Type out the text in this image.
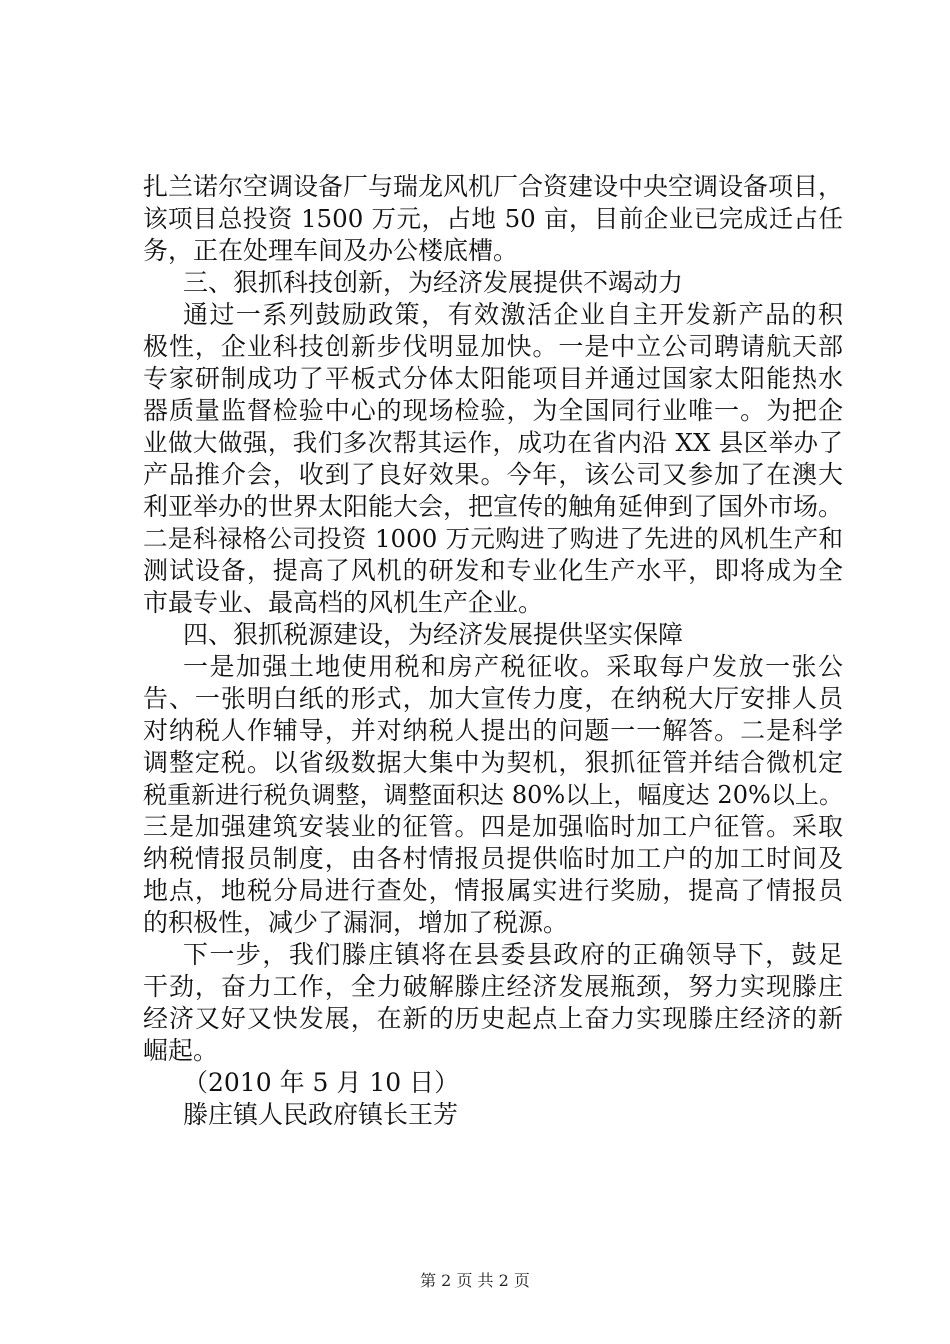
扎兰诺尔空调设备厂与瑞龙风机厂合资建设中央空调设备项目，
该项目总投资 1500 万元，占地 50 亩，目前企业已完成迁占任
务，正在处理车间及办公楼底槽。
三、狠抓科技创新，为经济发展提供不竭动力
通过一系列鼓励政策，有效激活企业自主开发新产品的积
极性，企业科技创新步伐明显加快。一是中立公司聘请航天部
专家研制成功了平板式分体太阳能项目并通过国家太阳能热水
器质量监督检验中心的现场检验，为全国同行业唯一。为把企
业做大做强，我们多次帮其运作，成功在省内沿 XX 县区举办了
产品推介会，收到了良好效果。今年，该公司又参加了在澳大
利亚举办的世界太阳能大会，把宣传的触角延伸到了国外市场。
二是科禄格公司投资 1000 万元购进了购进了先进的风机生产和
测试设备，提高了风机的研发和专业化生产水平，即将成为全
市最专业、最高档的风机生产企业。
四、狠抓税源建设，为经济发展提供坚实保障
一是加强土地使用税和房产税征收。采取每户发放一张公
告、一张明白纸的形式，加大宣传力度，在纳税大厅安排人员
对纳税人作辅导，并对纳税人提出的问题一一解答。二是科学
调整定税。以省级数据大集中为契机，狠抓征管并结合微机定
税重新进行税负调整，调整面积达 80%以上，幅度达 20%以上。
三是加强建筑安装业的征管。四是加强临时加工户征管。采取
纳税情报员制度，由各村情报员提供临时加工户的加工时间及
地点，地税分局进行查处，情报属实进行奖励，提高了情报员
的积极性，减少了漏洞，增加了税源。
下一步，我们滕庄镇将在县委县政府的正确领导下，鼓足
干劲，奋力工作，全力破解滕庄经济发展瓶颈，努力实现滕庄
经济又好又快发展，在新的历史起点上奋力实现滕庄经济的新
崛起。
（2010 年 5 月 10 日）
滕庄镇人民政府镇长王芳
第 2 页 共 2 页
